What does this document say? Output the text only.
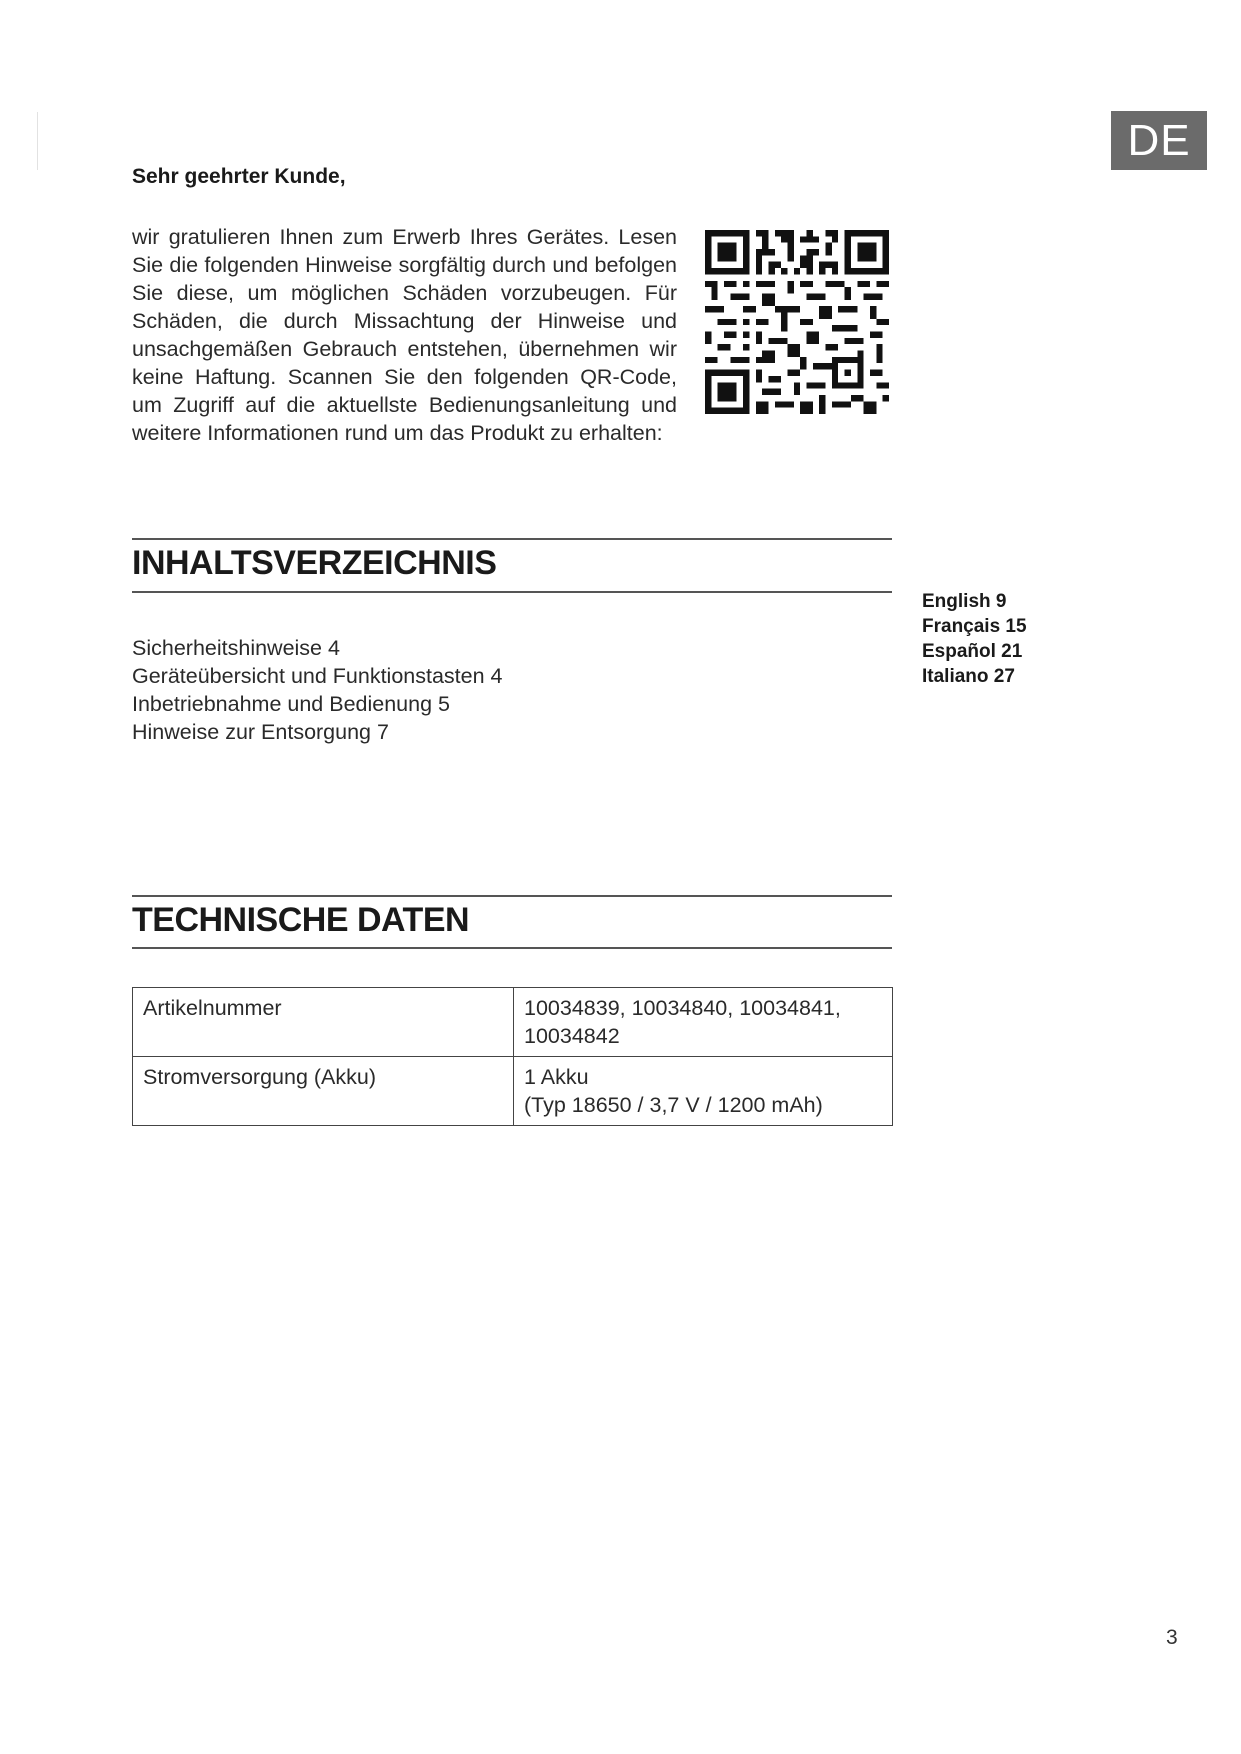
DE
Sehr geehrter Kunde,
wir gratulieren Ihnen zum Erwerb Ihres Gerätes. Lesen Sie die folgenden Hinweise sorgfältig durch und befolgen Sie diese, um möglichen Schäden vorzubeugen. Für Schäden, die durch Missachtung der Hinweise und unsachgemäßen Gebrauch entstehen, übernehmen wir keine Haftung. Scannen Sie den folgenden QR-Code, um Zugriff auf die aktuellste Bedienungsanleitung und weitere Informationen rund um das Produkt zu erhalten:
INHALTSVERZEICHNIS
Sicherheitshinweise 4
Geräteübersicht und Funktionstasten 4
Inbetriebnahme und Bedienung 5
Hinweise zur Entsorgung 7
English 9
Français 15
Español 21
Italiano 27
TECHNISCHE DATEN
Artikelnummer	10034839, 10034840, 10034841,
10034842

Stromversorgung (Akku)	1 Akku
(Typ 18650 / 3,7 V / 1200 mAh)
3
